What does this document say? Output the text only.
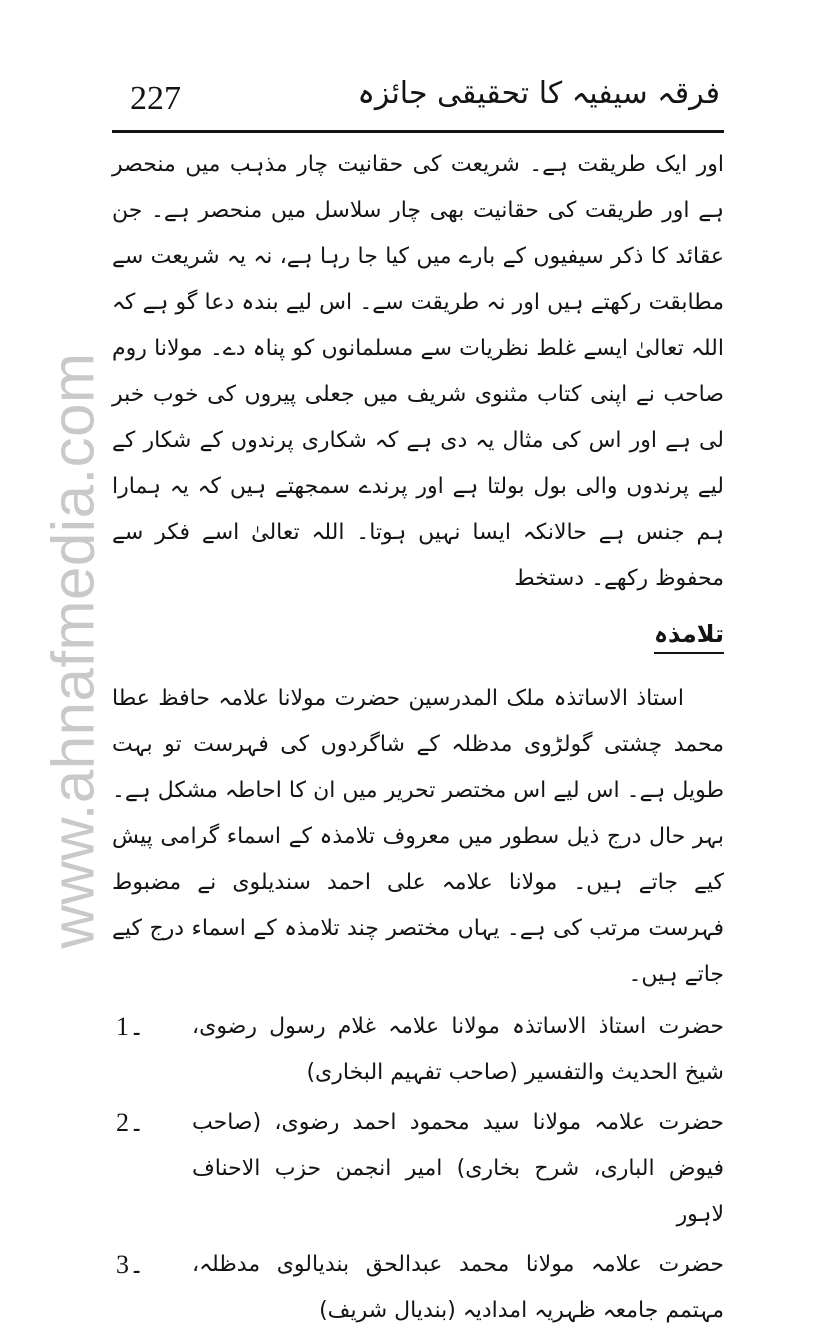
www.ahnafmedia.com
227	فرقہ سیفیہ کا تحقیقی جائزہ

اور ایک طریقت ہے۔ شریعت کی حقانیت چار مذہب میں منحصر ہے اور طریقت کی حقانیت بھی چار سلاسل میں منحصر ہے۔ جن عقائد کا ذکر سیفیوں کے بارے میں کیا جا رہا ہے، نہ یہ شریعت سے مطابقت رکھتے ہیں اور نہ طریقت سے۔ اس لیے بندہ دعا گو ہے کہ اللہ تعالیٰ ایسے غلط نظریات سے مسلمانوں کو پناہ دے۔ مولانا روم صاحب نے اپنی کتاب مثنوی شریف میں جعلی پیروں کی خوب خبر لی ہے اور اس کی مثال یہ دی ہے کہ شکاری پرندوں کے شکار کے لیے پرندوں والی بول بولتا ہے اور پرندے سمجھتے ہیں کہ یہ ہمارا ہم جنس ہے حالانکہ ایسا نہیں ہوتا۔ اللہ تعالیٰ اسے فکر سے محفوظ رکھے۔ دستخط

تلامذہ

استاذ الاساتذہ ملک المدرسین حضرت مولانا علامہ حافظ عطا محمد چشتی گولڑوی مدظلہ کے شاگردوں کی فہرست تو بہت طویل ہے۔ اس لیے اس مختصر تحریر میں ان کا احاطہ مشکل ہے۔ بہر حال درج ذیل سطور میں معروف تلامذہ کے اسماء گرامی پیش کیے جاتے ہیں۔ مولانا علامہ علی احمد سندیلوی نے مضبوط فہرست مرتب کی ہے۔ یہاں مختصر چند تلامذہ کے اسماء درج کیے جاتے ہیں۔

1۔	حضرت استاذ الاساتذہ مولانا علامہ غلام رسول رضوی، شیخ الحدیث والتفسیر (صاحب تفہیم البخاری)
2۔	حضرت علامہ مولانا سید محمود احمد رضوی، (صاحب فیوض الباری، شرح بخاری) امیر انجمن حزب الاحناف لاہور
3۔	حضرت علامہ مولانا محمد عبدالحق بندیالوی مدظلہ، مہتمم جامعہ ظہریہ امدادیہ (بندیال شریف)
